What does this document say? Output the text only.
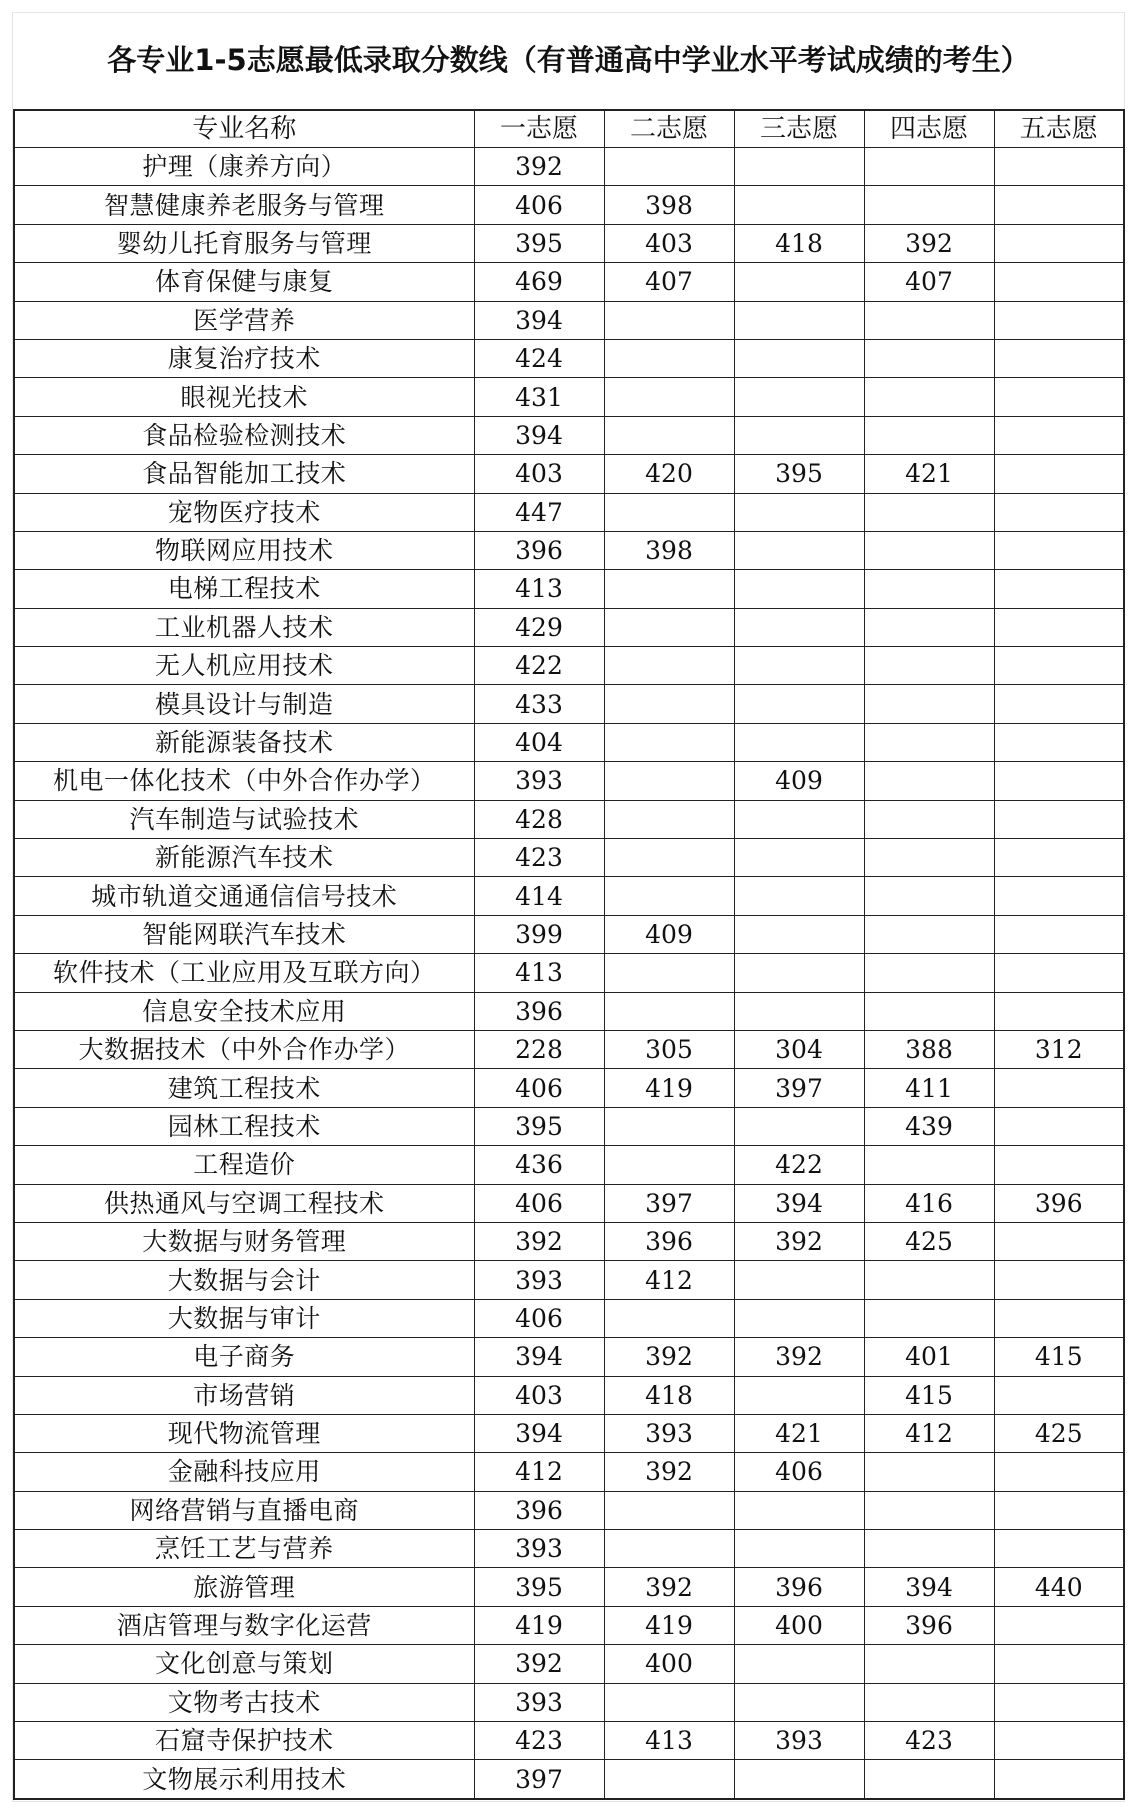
各专业1-5志愿最低录取分数线（有普通高中学业水平考试成绩的考生）
专业名称	一志愿	二志愿	三志愿	四志愿	五志愿
护理（康养方向）	392				
智慧健康养老服务与管理	406	398			
婴幼儿托育服务与管理	395	403	418	392	
体育保健与康复	469	407		407	
医学营养	394				
康复治疗技术	424				
眼视光技术	431				
食品检验检测技术	394				
食品智能加工技术	403	420	395	421	
宠物医疗技术	447				
物联网应用技术	396	398			
电梯工程技术	413				
工业机器人技术	429				
无人机应用技术	422				
模具设计与制造	433				
新能源装备技术	404				
机电一体化技术（中外合作办学）	393		409		
汽车制造与试验技术	428				
新能源汽车技术	423				
城市轨道交通通信信号技术	414				
智能网联汽车技术	399	409			
软件技术（工业应用及互联方向）	413				
信息安全技术应用	396				
大数据技术（中外合作办学）	228	305	304	388	312
建筑工程技术	406	419	397	411	
园林工程技术	395			439	
工程造价	436		422		
供热通风与空调工程技术	406	397	394	416	396
大数据与财务管理	392	396	392	425	
大数据与会计	393	412			
大数据与审计	406				
电子商务	394	392	392	401	415
市场营销	403	418		415	
现代物流管理	394	393	421	412	425
金融科技应用	412	392	406		
网络营销与直播电商	396				
烹饪工艺与营养	393				
旅游管理	395	392	396	394	440
酒店管理与数字化运营	419	419	400	396	
文化创意与策划	392	400			
文物考古技术	393				
石窟寺保护技术	423	413	393	423	
文物展示利用技术	397				
